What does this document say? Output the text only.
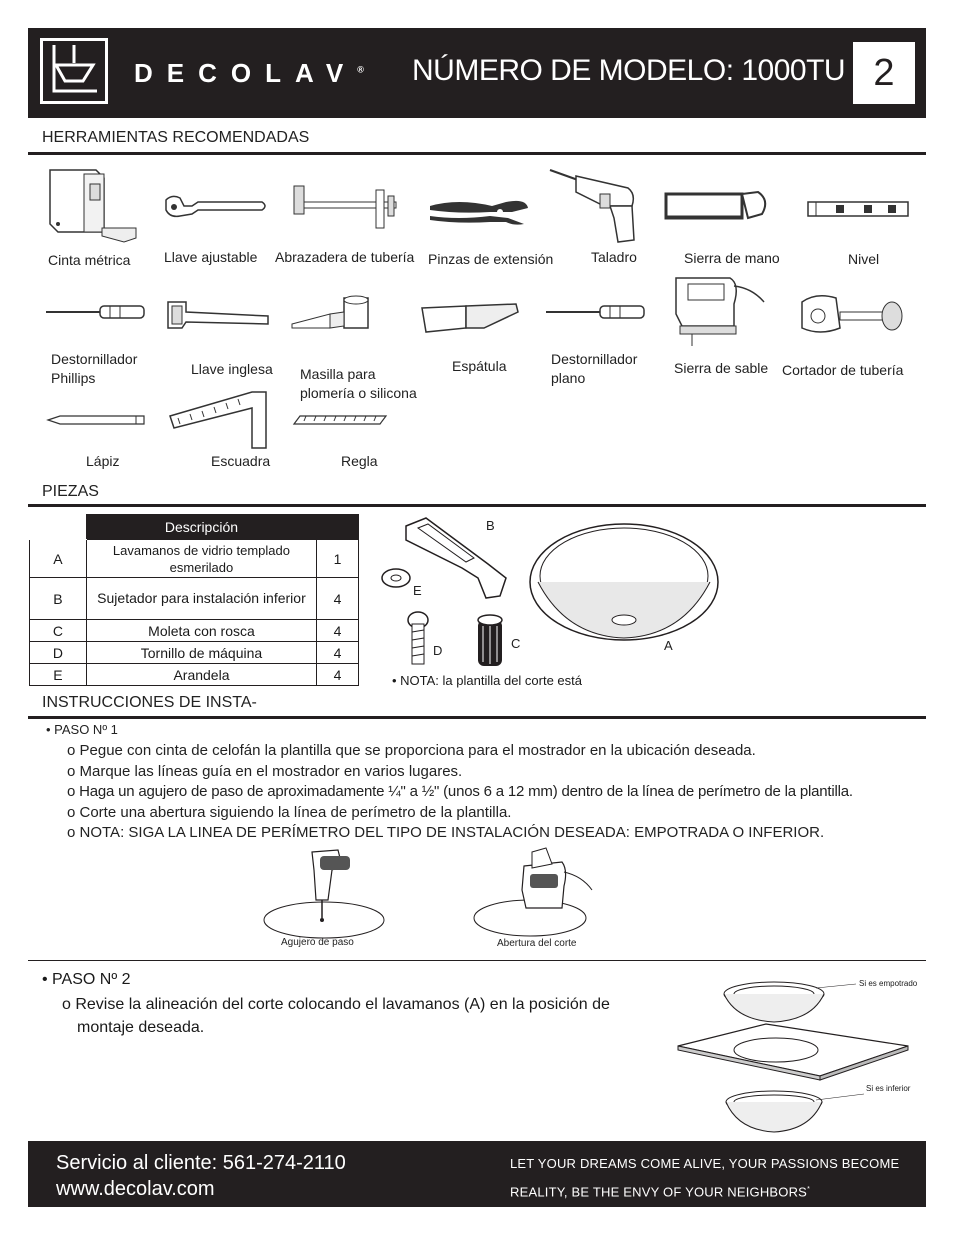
DECOLAV® NÚMERO DE MODELO: 1000TU 2
HERRAMIENTAS RECOMENDADAS
Cinta métrica Llave ajustable Abrazadera de tubería Pinzas de extensión	Taladro	Sierra de mano	Nivel
Destornillador
Phillips
Llave inglesa Masilla para
plomería o silicona
Espátula	Destornillador
plano
Sierra de sable Cortador de tubería
Lápiz	Escuadra	Regla
PIEZAS
	Descripción	
A	Lavamanos de vidrio templado esmerilado	1
B	Sujetador para instalación inferior	4
C	Moleta con rosca	4
D	Tornillo de máquina	4
E	Arandela	4
B
E
D	C	A
• NOTA: la plantilla del corte está
INSTRUCCIONES DE INSTA-
• PASO Nº 1
o Pegue con cinta de celofán la plantilla que se proporciona para el mostrador en la ubicación deseada.
o Marque las líneas guía en el mostrador en varios lugares.
o Haga un agujero de paso de aproximadamente ¼" a ½" (unos 6 a 12 mm) dentro de la línea de perímetro de la plantilla.
o Corte una abertura siguiendo la línea de perímetro de la plantilla.
o NOTA: SIGA LA LINEA DE PERÍMETRO DEL TIPO DE INSTALACIÓN DESEADA: EMPOTRADA O INFERIOR.
Agujero de paso	Abertura del corte
• PASO Nº 2
o Revise la alineación del corte colocando el lavamanos (A) en la posición de
montaje deseada.
Si es empotrado
Si es inferior
Servicio al cliente: 561-274-2110
www.decolav.com
LET YOUR DREAMS COME ALIVE, YOUR PASSIONS BECOME
REALITY, BE THE ENVY OF YOUR NEIGHBORS*
